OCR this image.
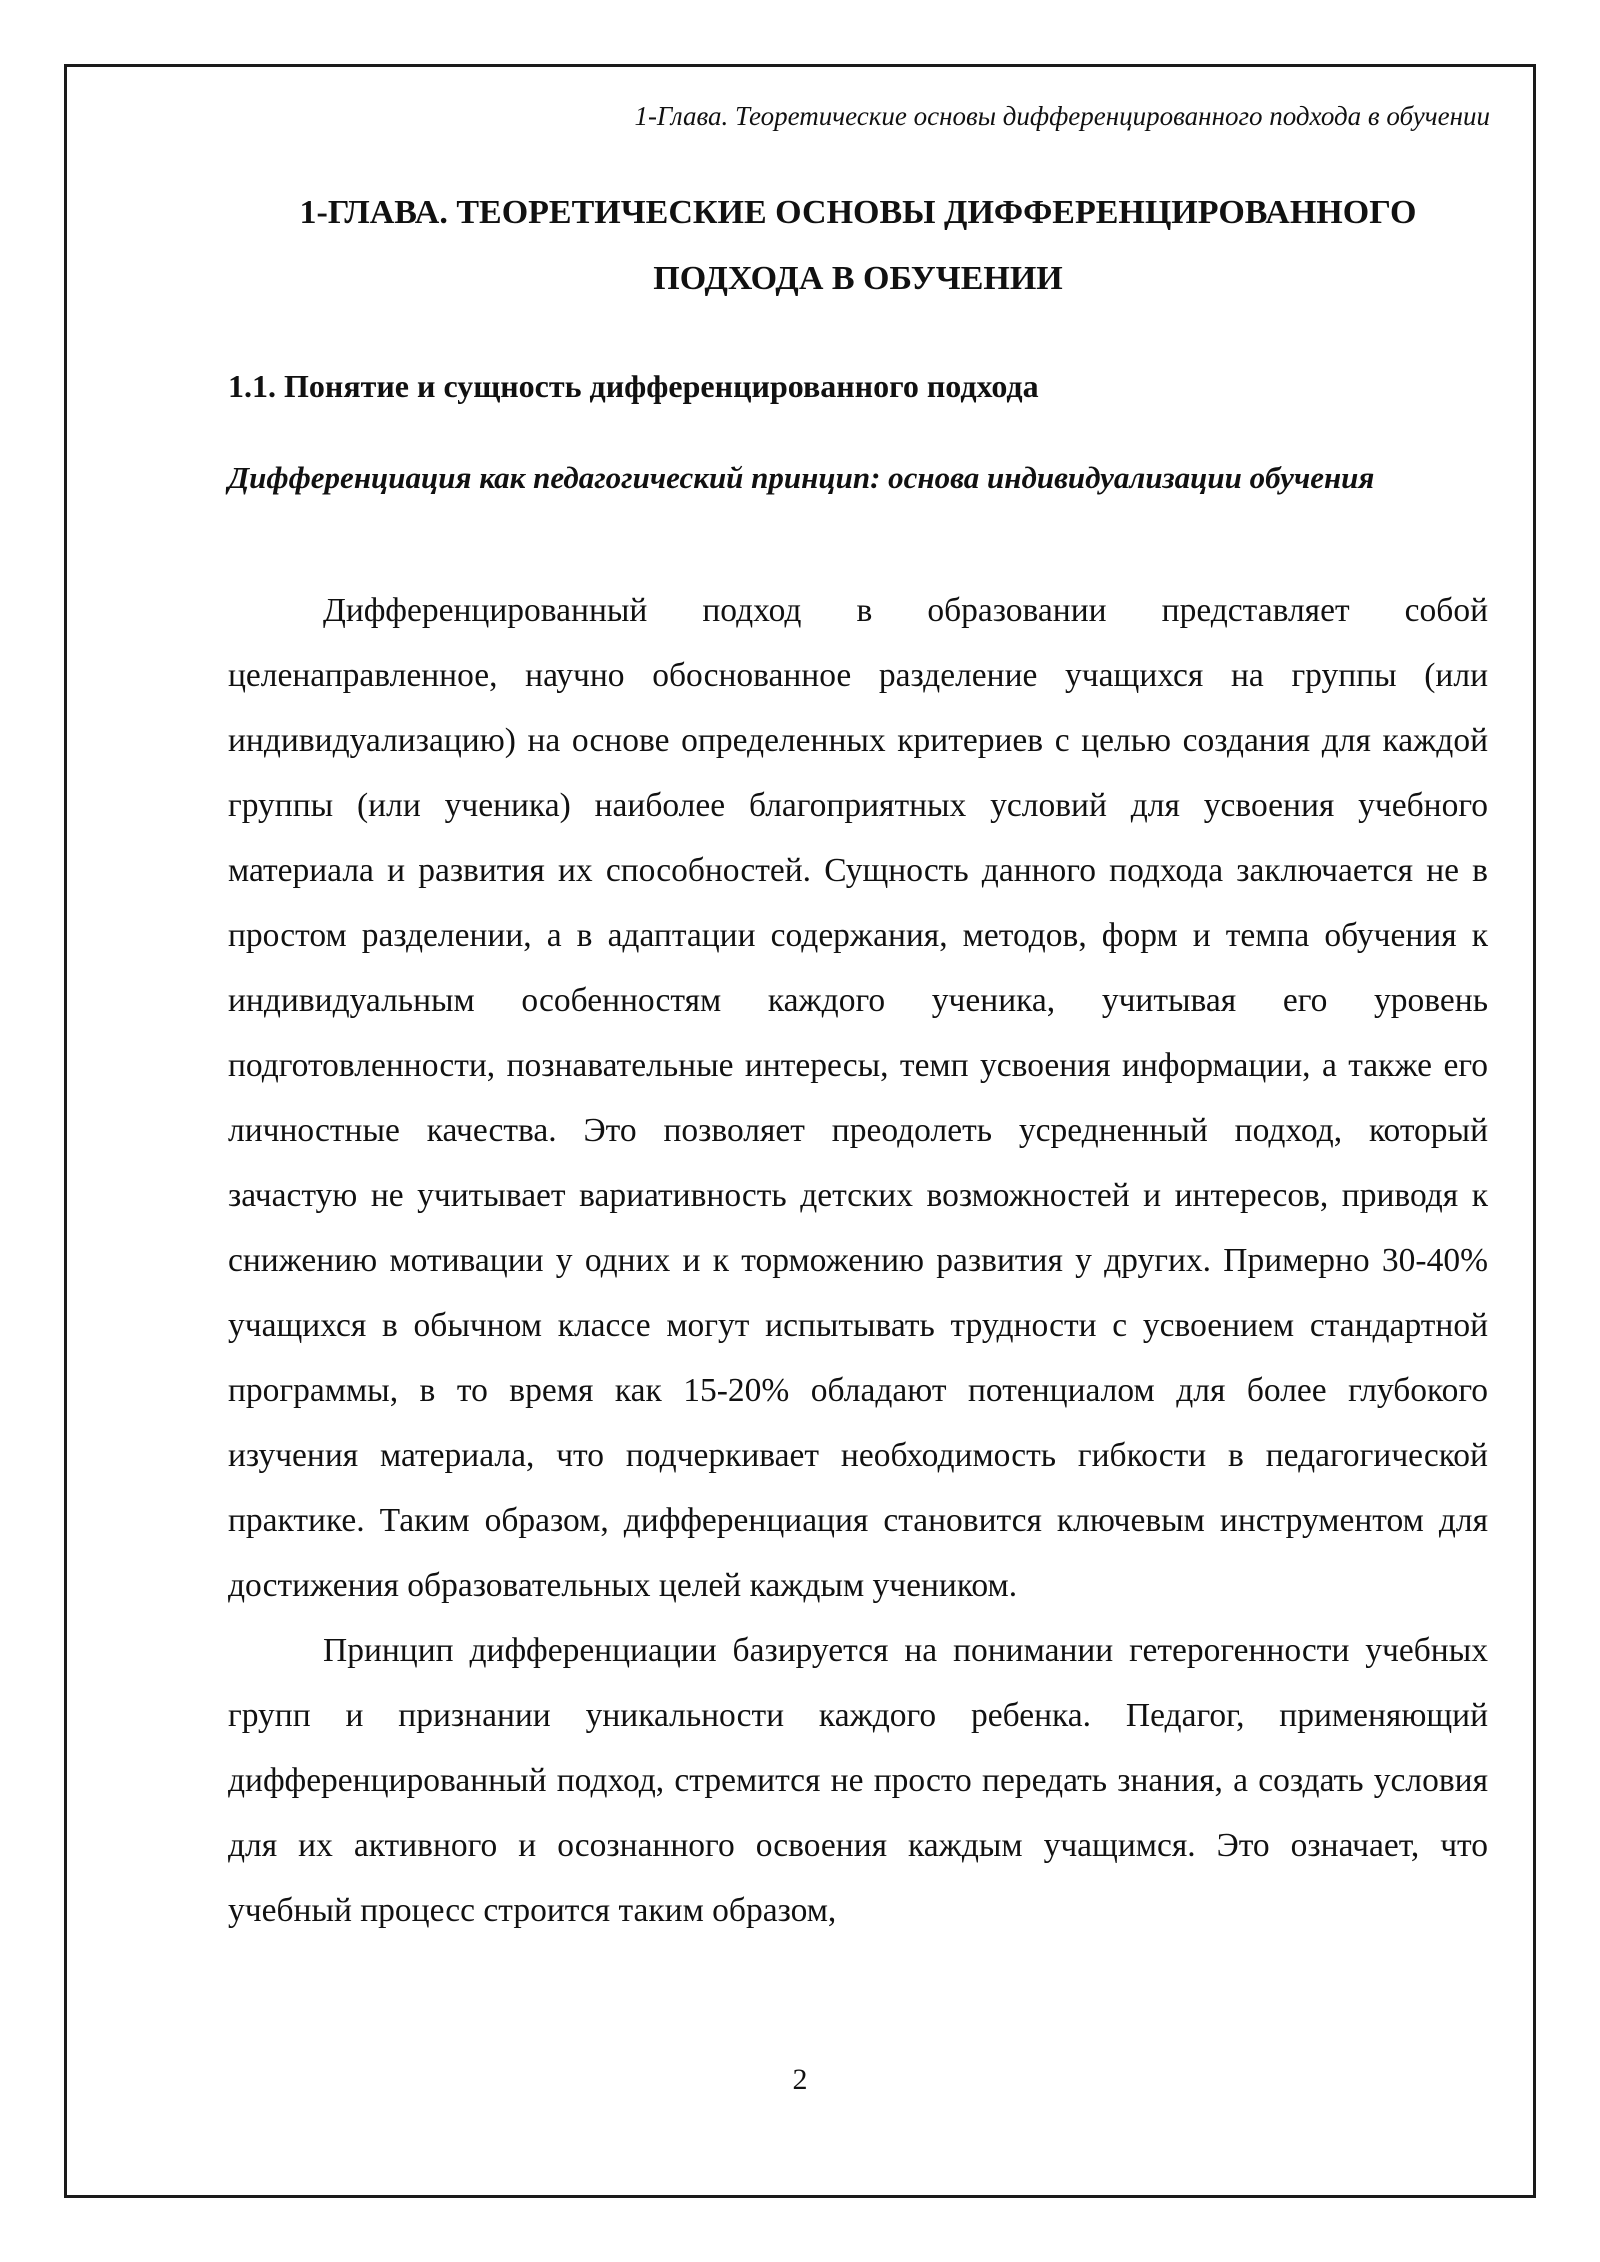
1-Глава. Теоретические основы дифференцированного подхода в обучении
1-ГЛАВА. ТЕОРЕТИЧЕСКИЕ ОСНОВЫ ДИФФЕРЕНЦИРОВАННОГО
ПОДХОДА В ОБУЧЕНИИ
1.1. Понятие и сущность дифференцированного подхода
Дифференциация как педагогический принцип: основа индивидуализации обучения

Дифференцированный подход в образовании представляет собой целенаправленное, научно обоснованное разделение учащихся на группы (или индивидуализацию) на основе определенных критериев с целью создания для каждой группы (или ученика) наиболее благоприятных условий для усвоения учебного материала и развития их способностей. Сущность данного подхода заключается не в простом разделении, а в адаптации содержания, методов, форм и темпа обучения к индивидуальным особенностям каждого ученика, учитывая его уровень подготовленности, познавательные интересы, темп усвоения информации, а также его личностные качества. Это позволяет преодолеть усредненный подход, который зачастую не учитывает вариативность детских возможностей и интересов, приводя к снижению мотивации у одних и к торможению развития у других. Примерно 30-40% учащихся в обычном классе могут испытывать трудности с усвоением стандартной программы, в то время как 15-20% обладают потенциалом для более глубокого изучения материала, что подчеркивает необходимость гибкости в педагогической практике. Таким образом, дифференциация становится ключевым инструментом для достижения образовательных целей каждым учеником.

Принцип дифференциации базируется на понимании гетерогенности учебных групп и признании уникальности каждого ребенка. Педагог, применяющий дифференцированный подход, стремится не просто передать знания, а создать условия для их активного и осознанного освоения каждым учащимся. Это означает, что учебный процесс строится таким образом,

2
